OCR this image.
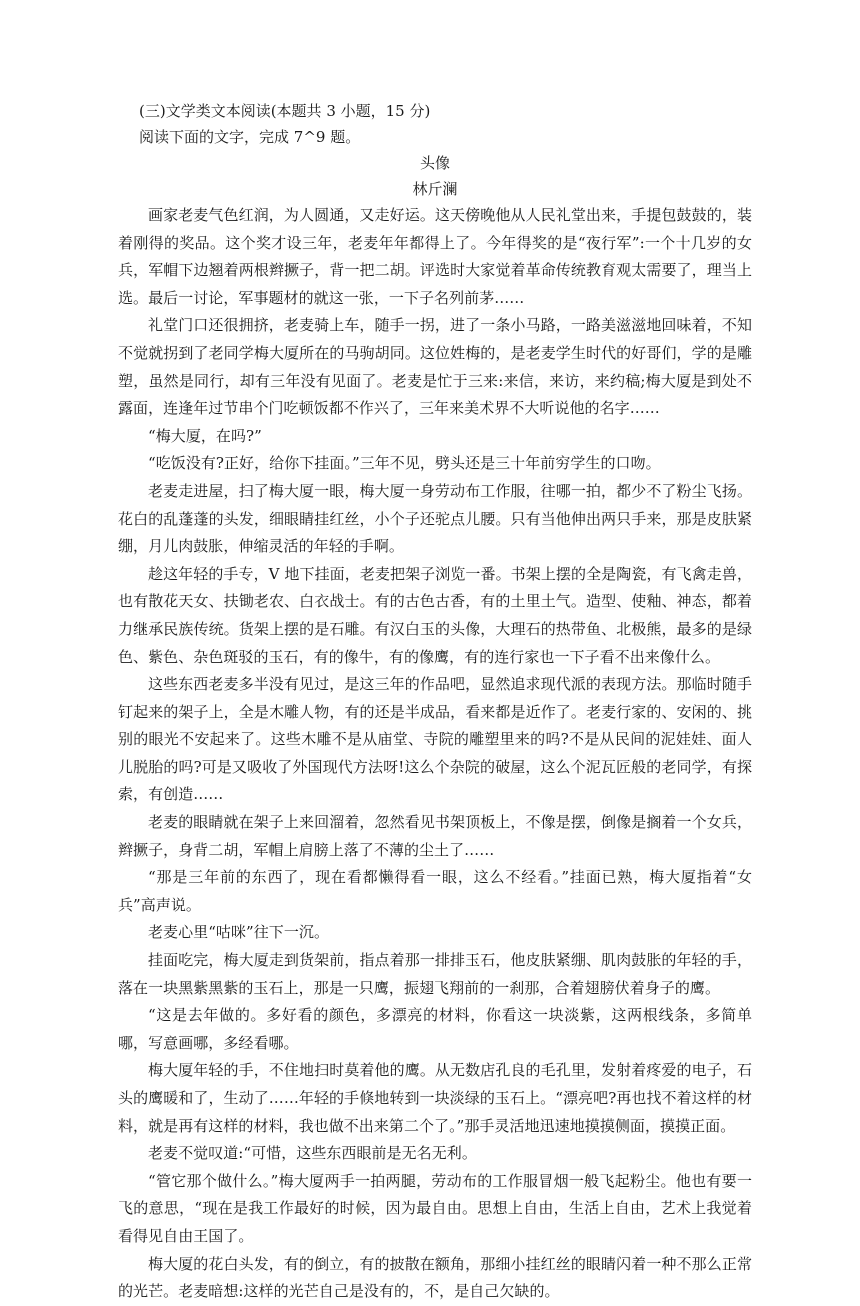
(三)文学类文本阅读(本题共 3 小题，15 分)

阅读下面的文字，完成 7^9 题。

头像

林斤澜

画家老麦气色红润，为人圆通，又走好运。这天傍晚他从人民礼堂出来，手提包鼓鼓的，装着刚得的奖品。这个奖才设三年，老麦年年都得上了。今年得奖的是“夜行军”:一个十几岁的女兵，军帽下边翘着两根辫撅子，背一把二胡。评选时大家觉着革命传统教育观太需要了，理当上选。最后一讨论，军事题材的就这一张，一下子名列前茅……

礼堂门口还很拥挤，老麦骑上车，随手一拐，进了一条小马路，一路美滋滋地回味着，不知不觉就拐到了老同学梅大厦所在的马驹胡同。这位姓梅的，是老麦学生时代的好哥们，学的是雕塑，虽然是同行，却有三年没有见面了。老麦是忙于三来:来信，来访，来约稿;梅大厦是到处不露面，连逢年过节串个门吃顿饭都不作兴了，三年来美术界不大听说他的名字……

“梅大厦，在吗?”

“吃饭没有?正好，给你下挂面。”三年不见，劈头还是三十年前穷学生的口吻。

老麦走进屋，扫了梅大厦一眼，梅大厦一身劳动布工作服，往哪一拍，都少不了粉尘飞扬。花白的乱蓬蓬的头发，细眼睛挂红丝，小个子还驼点儿腰。只有当他伸出两只手来，那是皮肤紧绷，月儿肉鼓胀，伸缩灵活的年轻的手啊。

趁这年轻的手专，V 地下挂面，老麦把架子浏览一番。书架上摆的全是陶瓷，有飞禽走兽，也有散花天女、扶锄老农、白衣战士。有的古色古香，有的土里土气。造型、使釉、神态，都着力继承民族传统。货架上摆的是石雕。有汉白玉的头像，大理石的热带鱼、北极熊，最多的是绿色、紫色、杂色斑驳的玉石，有的像牛，有的像鹰，有的连行家也一下子看不出来像什么。

这些东西老麦多半没有见过，是这三年的作品吧，显然追求现代派的表现方法。那临时随手钉起来的架子上，全是木雕人物，有的还是半成品，看来都是近作了。老麦行家的、安闲的、挑别的眼光不安起来了。这些木雕不是从庙堂、寺院的雕塑里来的吗?不是从民间的泥娃娃、面人儿脱胎的吗?可是又吸收了外国现代方法呀!这么个杂院的破屋，这么个泥瓦匠般的老同学，有探索，有创造……

老麦的眼睛就在架子上来回溜着，忽然看见书架顶板上，不像是摆，倒像是搁着一个女兵，辫撅子，身背二胡，军帽上肩膀上落了不薄的尘土了……

“那是三年前的东西了，现在看都懒得看一眼，这么不经看。”挂面已熟，梅大厦指着“女兵”高声说。

老麦心里“咕咪”往下一沉。

挂面吃完，梅大厦走到货架前，指点着那一排排玉石，他皮肤紧绷、肌肉鼓胀的年轻的手，落在一块黑紫黑紫的玉石上，那是一只鹰，振翅飞翔前的一刹那，合着翅膀伏着身子的鹰。

“这是去年做的。多好看的颜色，多漂亮的材料，你看这一块淡紫，这两根线条，多简单哪，写意画哪，多经看哪。

梅大厦年轻的手，不住地扫时莫着他的鹰。从无数店孔良的毛孔里，发射着疼爱的电子，石头的鹰暖和了，生动了……年轻的手倏地转到一块淡绿的玉石上。“漂亮吧?再也找不着这样的材料，就是再有这样的材料，我也做不出来第二个了。”那手灵活地迅速地摸摸侧面，摸摸正面。

老麦不觉叹道:“可惜，这些东西眼前是无名无利。

“管它那个做什么。”梅大厦两手一拍两腿，劳动布的工作服冒烟一般飞起粉尘。他也有要一飞的意思，“现在是我工作最好的时候，因为最自由。思想上自由，生活上自由，艺术上我觉着看得见自由王国了。

梅大厦的花白头发，有的倒立，有的披散在额角，那细小挂红丝的眼睛闪着一种不那么正常的光芒。老麦暗想:这样的光芒自己是没有的，不，是自己欠缺的。
